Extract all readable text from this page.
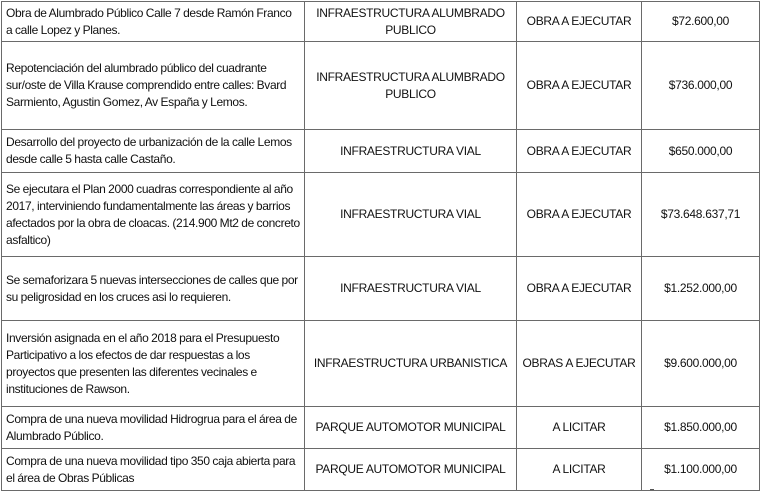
Obra de Alumbrado Público Calle 7 desde Ramón Franco a calle Lopez y Planes.	INFRAESTRUCTURA ALUMBRADO PUBLICO	OBRA A EJECUTAR	$72.600,00
Repotenciación del alumbrado público del cuadrante sur/oste de Villa Krause comprendido entre calles: Bvard Sarmiento, Agustin Gomez, Av España y Lemos.	INFRAESTRUCTURA ALUMBRADO PUBLICO	OBRA A EJECUTAR	$736.000,00
Desarrollo del proyecto de urbanización de la calle Lemos desde calle 5 hasta calle Castaño.	INFRAESTRUCTURA VIAL	OBRA A EJECUTAR	$650.000,00
Se ejecutara el Plan 2000 cuadras correspondiente al año 2017, interviniendo fundamentalmente las áreas y barrios afectados por la obra de cloacas. (214.900 Mt2 de concreto asfaltico)	INFRAESTRUCTURA VIAL	OBRA A EJECUTAR	$73.648.637,71
Se semaforizara 5 nuevas intersecciones de calles que por su peligrosidad en los cruces asi lo requieren.	INFRAESTRUCTURA VIAL	OBRA A EJECUTAR	$1.252.000,00
Inversión asignada en el año 2018 para el Presupuesto Participativo a los efectos de dar respuestas a los proyectos que presenten las diferentes vecinales e instituciones de Rawson.	INFRAESTRUCTURA URBANISTICA	OBRAS A EJECUTAR	$9.600.000,00
Compra de una nueva movilidad Hidrogrua para el área de Alumbrado Público.	PARQUE AUTOMOTOR MUNICIPAL	A LICITAR	$1.850.000,00
Compra de una nueva movilidad tipo 350 caja abierta para el área de Obras Públicas	PARQUE AUTOMOTOR MUNICIPAL	A LICITAR	$1.100.000,00
